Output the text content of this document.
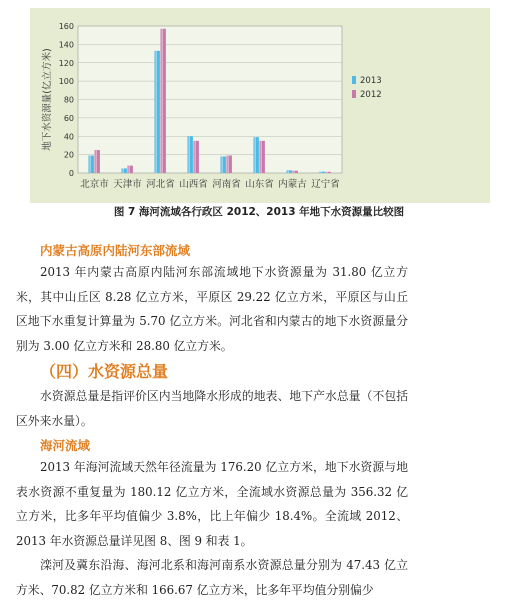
0
20
40
60
80
100
120
140
160
地下水资源量(亿立方米)
北京市 天津市 河北省 山西省 河南省 山东省 内蒙古 辽宁省
2013
2012
图 7 海河流域各行政区 2012、2013 年地下水资源量比较图
内蒙古高原内陆河东部流域
2013 年内蒙古高原内陆河东部流域地下水资源量为 31.80 亿立方米，其中山丘区 8.28 亿立方米，平原区 29.22 亿立方米，平原区与山丘区地下水重复计算量为 5.70 亿立方米。河北省和内蒙古的地下水资源量分别为 3.00 亿立方米和 28.80 亿立方米。
（四）水资源总量
水资源总量是指评价区内当地降水形成的地表、地下产水总量（不包括区外来水量）。
海河流域
2013 年海河流域天然年径流量为 176.20 亿立方米，地下水资源与地表水资源不重复量为 180.12 亿立方米，全流域水资源总量为 356.32 亿立方米，比多年平均值偏少 3.8%，比上年偏少 18.4%。全流域 2012、2013 年水资源总量详见图 8、图 9 和表 1。
滦河及冀东沿海、海河北系和海河南系水资源总量分别为 47.43 亿立方米、70.82 亿立方米和 166.67 亿立方米，比多年平均值分别偏少
